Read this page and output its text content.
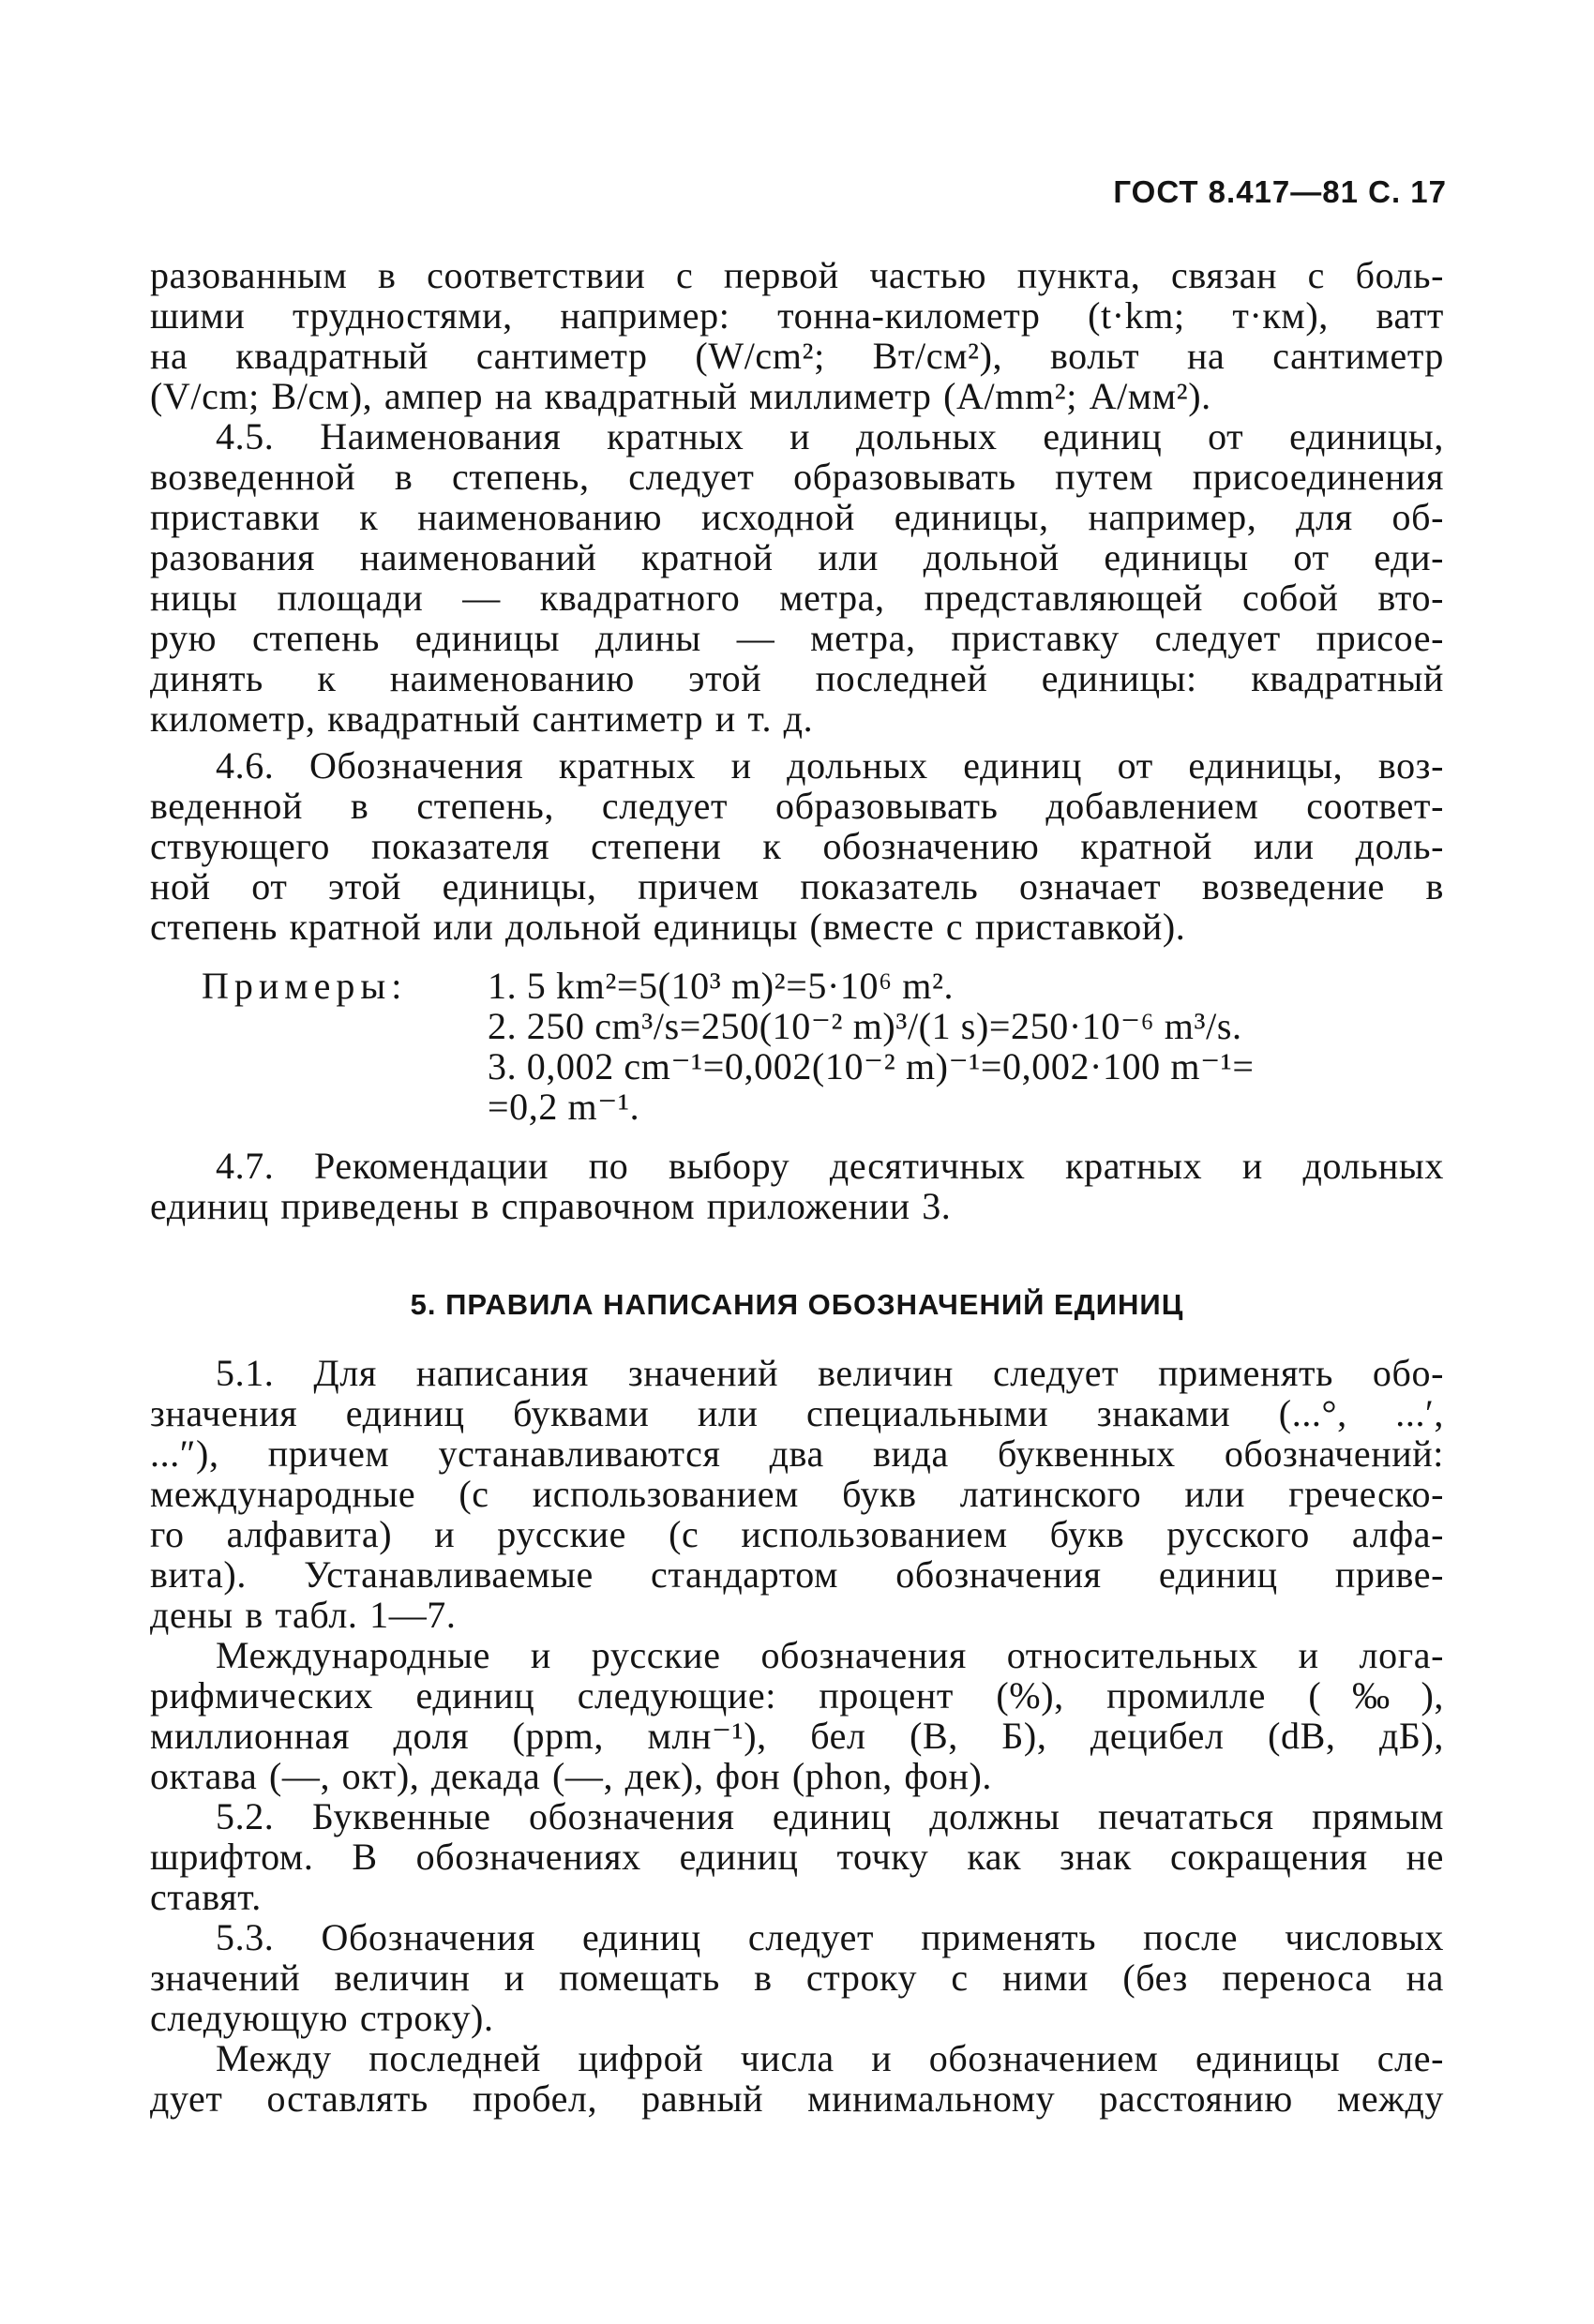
ГОСТ 8.417—81 С. 17
разованным в соответствии с первой частью пункта, связан с боль-
шими трудностями, например: тонна-километр (t·km; т·км), ватт
на квадратный сантиметр (W/cm²; Вт/см²), вольт на сантиметр
(V/cm; В/см), ампер на квадратный миллиметр (A/mm²; А/мм²).
4.5. Наименования кратных и дольных единиц от единицы,
возведенной в степень, следует образовывать путем присоединения
приставки к наименованию исходной единицы, например, для об-
разования наименований кратной или дольной единицы от еди-
ницы площади — квадратного метра, представляющей собой вто-
рую степень единицы длины — метра, приставку следует присое-
динять к наименованию этой последней единицы: квадратный
километр, квадратный сантиметр и т. д.
4.6. Обозначения кратных и дольных единиц от единицы, воз-
веденной в степень, следует образовывать добавлением соответ-
ствующего показателя степени к обозначению кратной или доль-
ной от этой единицы, причем показатель означает возведение в
степень кратной или дольной единицы (вместе с приставкой).
Примеры:	1. 5 km²=5(10³ m)²=5·10⁶ m².
2. 250 cm³/s=250(10⁻² m)³/(1 s)=250·10⁻⁶ m³/s.
3. 0,002 cm⁻¹=0,002(10⁻² m)⁻¹=0,002·100 m⁻¹=
=0,2 m⁻¹.
4.7. Рекомендации по выбору десятичных кратных и дольных
единиц приведены в справочном приложении 3.
5. ПРАВИЛА НАПИСАНИЯ ОБОЗНАЧЕНИЙ ЕДИНИЦ
5.1. Для написания значений величин следует применять обо-
значения единиц буквами или специальными знаками (...°, ...′,
...″), причем устанавливаются два вида буквенных обозначений:
международные (с использованием букв латинского или греческо-
го алфавита) и русские (с использованием букв русского алфа-
вита). Устанавливаемые стандартом обозначения единиц приве-
дены в табл. 1—7.
Международные и русские обозначения относительных и лога-
рифмических единиц следующие: процент (%), промилле (‰),
миллионная доля (ppm, млн⁻¹), бел (B, Б), децибел (dB, дБ),
октава (—, окт), декада (—, дек), фон (phon, фон).
5.2. Буквенные обозначения единиц должны печататься прямым
шрифтом. В обозначениях единиц точку как знак сокращения не
ставят.
5.3. Обозначения единиц следует применять после числовых
значений величин и помещать в строку с ними (без переноса на
следующую строку).
Между последней цифрой числа и обозначением единицы сле-
дует оставлять пробел, равный минимальному расстоянию между
